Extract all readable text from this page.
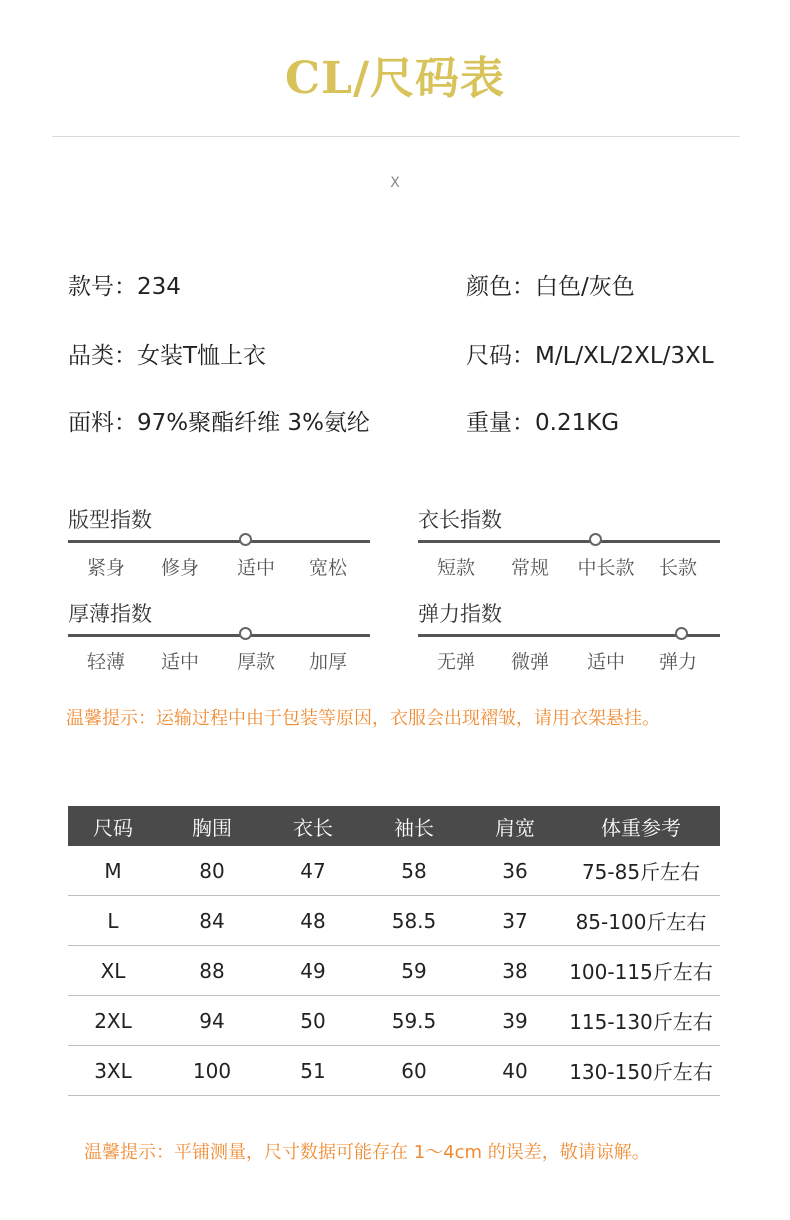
CL/尺码表
X
款号：234	颜色：白色/灰色
品类：女装T恤上衣	尺码：M/L/XL/2XL/3XL
面料：97%聚酯纤维 3%氨纶	重量：0.21KG
版型指数
紧身 修身 适中 宽松
衣长指数
短款 常规 中长款 长款
厚薄指数
轻薄 适中 厚款 加厚
弹力指数
无弹 微弹 适中 弹力
温馨提示：运输过程中由于包装等原因，衣服会出现褶皱，请用衣架悬挂。
尺码	胸围	衣长	袖长	肩宽	体重参考
M	80	47	58	36	75-85斤左右
L	84	48	58.5	37	85-100斤左右
XL	88	49	59	38	100-115斤左右
2XL	94	50	59.5	39	115-130斤左右
3XL	100	51	60	40	130-150斤左右
温馨提示：平铺测量，尺寸数据可能存在 1～4cm 的误差，敬请谅解。
